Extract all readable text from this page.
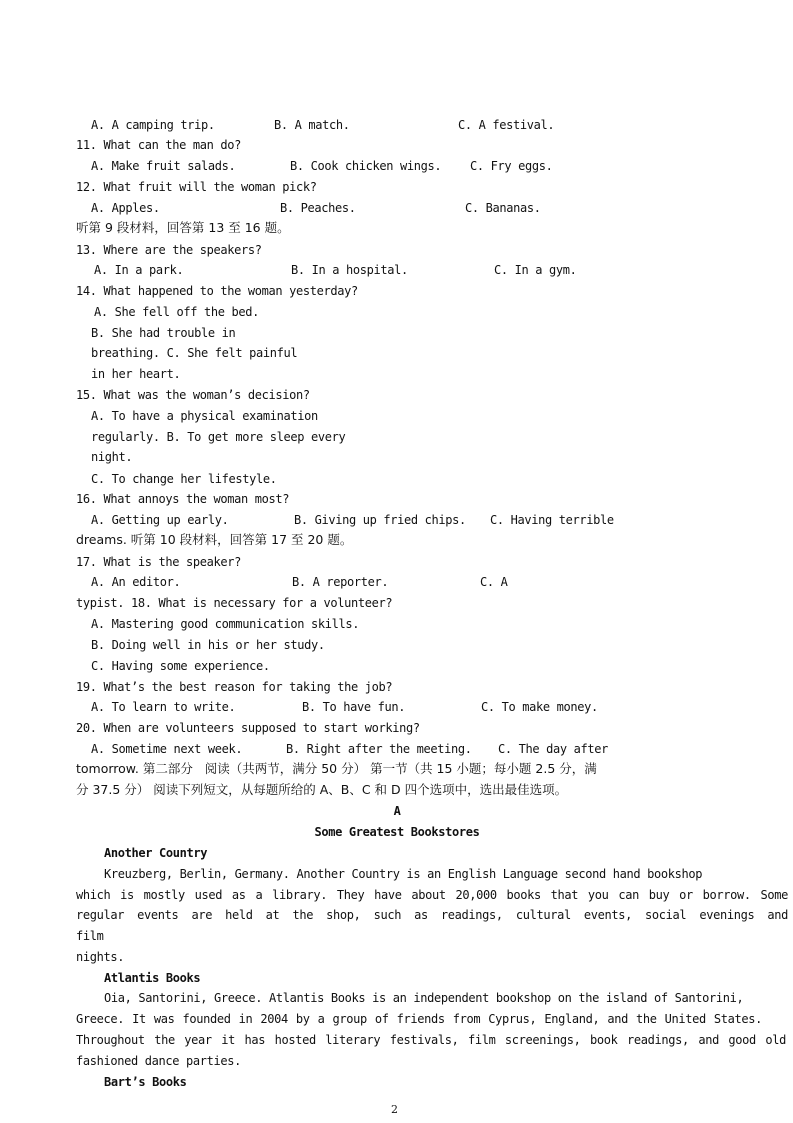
A. A camping trip.	B. A match.	C. A festival.
11. What can the man do?
A. Make fruit salads.	B. Cook chicken wings. C. Fry eggs.
12. What fruit will the woman pick?
A. Apples.	B. Peaches.	C. Bananas.
听第 9 段材料，回答第 13 至 16 题。
13. Where are the speakers?
A. In a park.	B. In a hospital.	C. In a gym.
14. What happened to the woman yesterday?
A. She fell off the bed.
B. She had trouble in
breathing. C. She felt painful
in her heart.
15. What was the woman’s decision?
A. To have a physical examination
regularly. B. To get more sleep every
night.
C. To change her lifestyle.
16. What annoys the woman most?
A. Getting up early.	B. Giving up fried chips. C. Having terrible
dreams. 听第 10 段材料，回答第 17 至 20 题。
17. What is the speaker?
A. An editor.	B. A reporter.	C. A
typist. 18. What is necessary for a volunteer?
A. Mastering good communication skills.
B. Doing well in his or her study.
C. Having some experience.
19. What’s the best reason for taking the job?
A. To learn to write.	B. To have fun.	C. To make money.
20. When are volunteers supposed to start working?
A. Sometime next week.	B. Right after the meeting. C. The day after
tomorrow. 第二部分   阅读（共两节，满分 50 分） 第一节（共 15 小题；每小题 2.5 分，满
分 37.5 分） 阅读下列短文，从每题所给的 A、B、C 和 D 四个选项中，选出最佳选项。
A
Some Greatest Bookstores
Another Country
Kreuzberg, Berlin, Germany. Another Country is an English Language second hand bookshop
which is mostly used as a library. They have about 20,000 books that you can buy or borrow. Some
regular events are held at the shop, such as readings, cultural events, social evenings and
film
nights.
Atlantis Books
Oia, Santorini, Greece. Atlantis Books is an independent bookshop on the island of Santorini,
Greece. It was founded in 2004 by a group of friends from Cyprus, England, and the United States.
Throughout the year it has hosted literary festivals, film screenings, book readings, and good old
fashioned dance parties.
Bart’s Books
2
